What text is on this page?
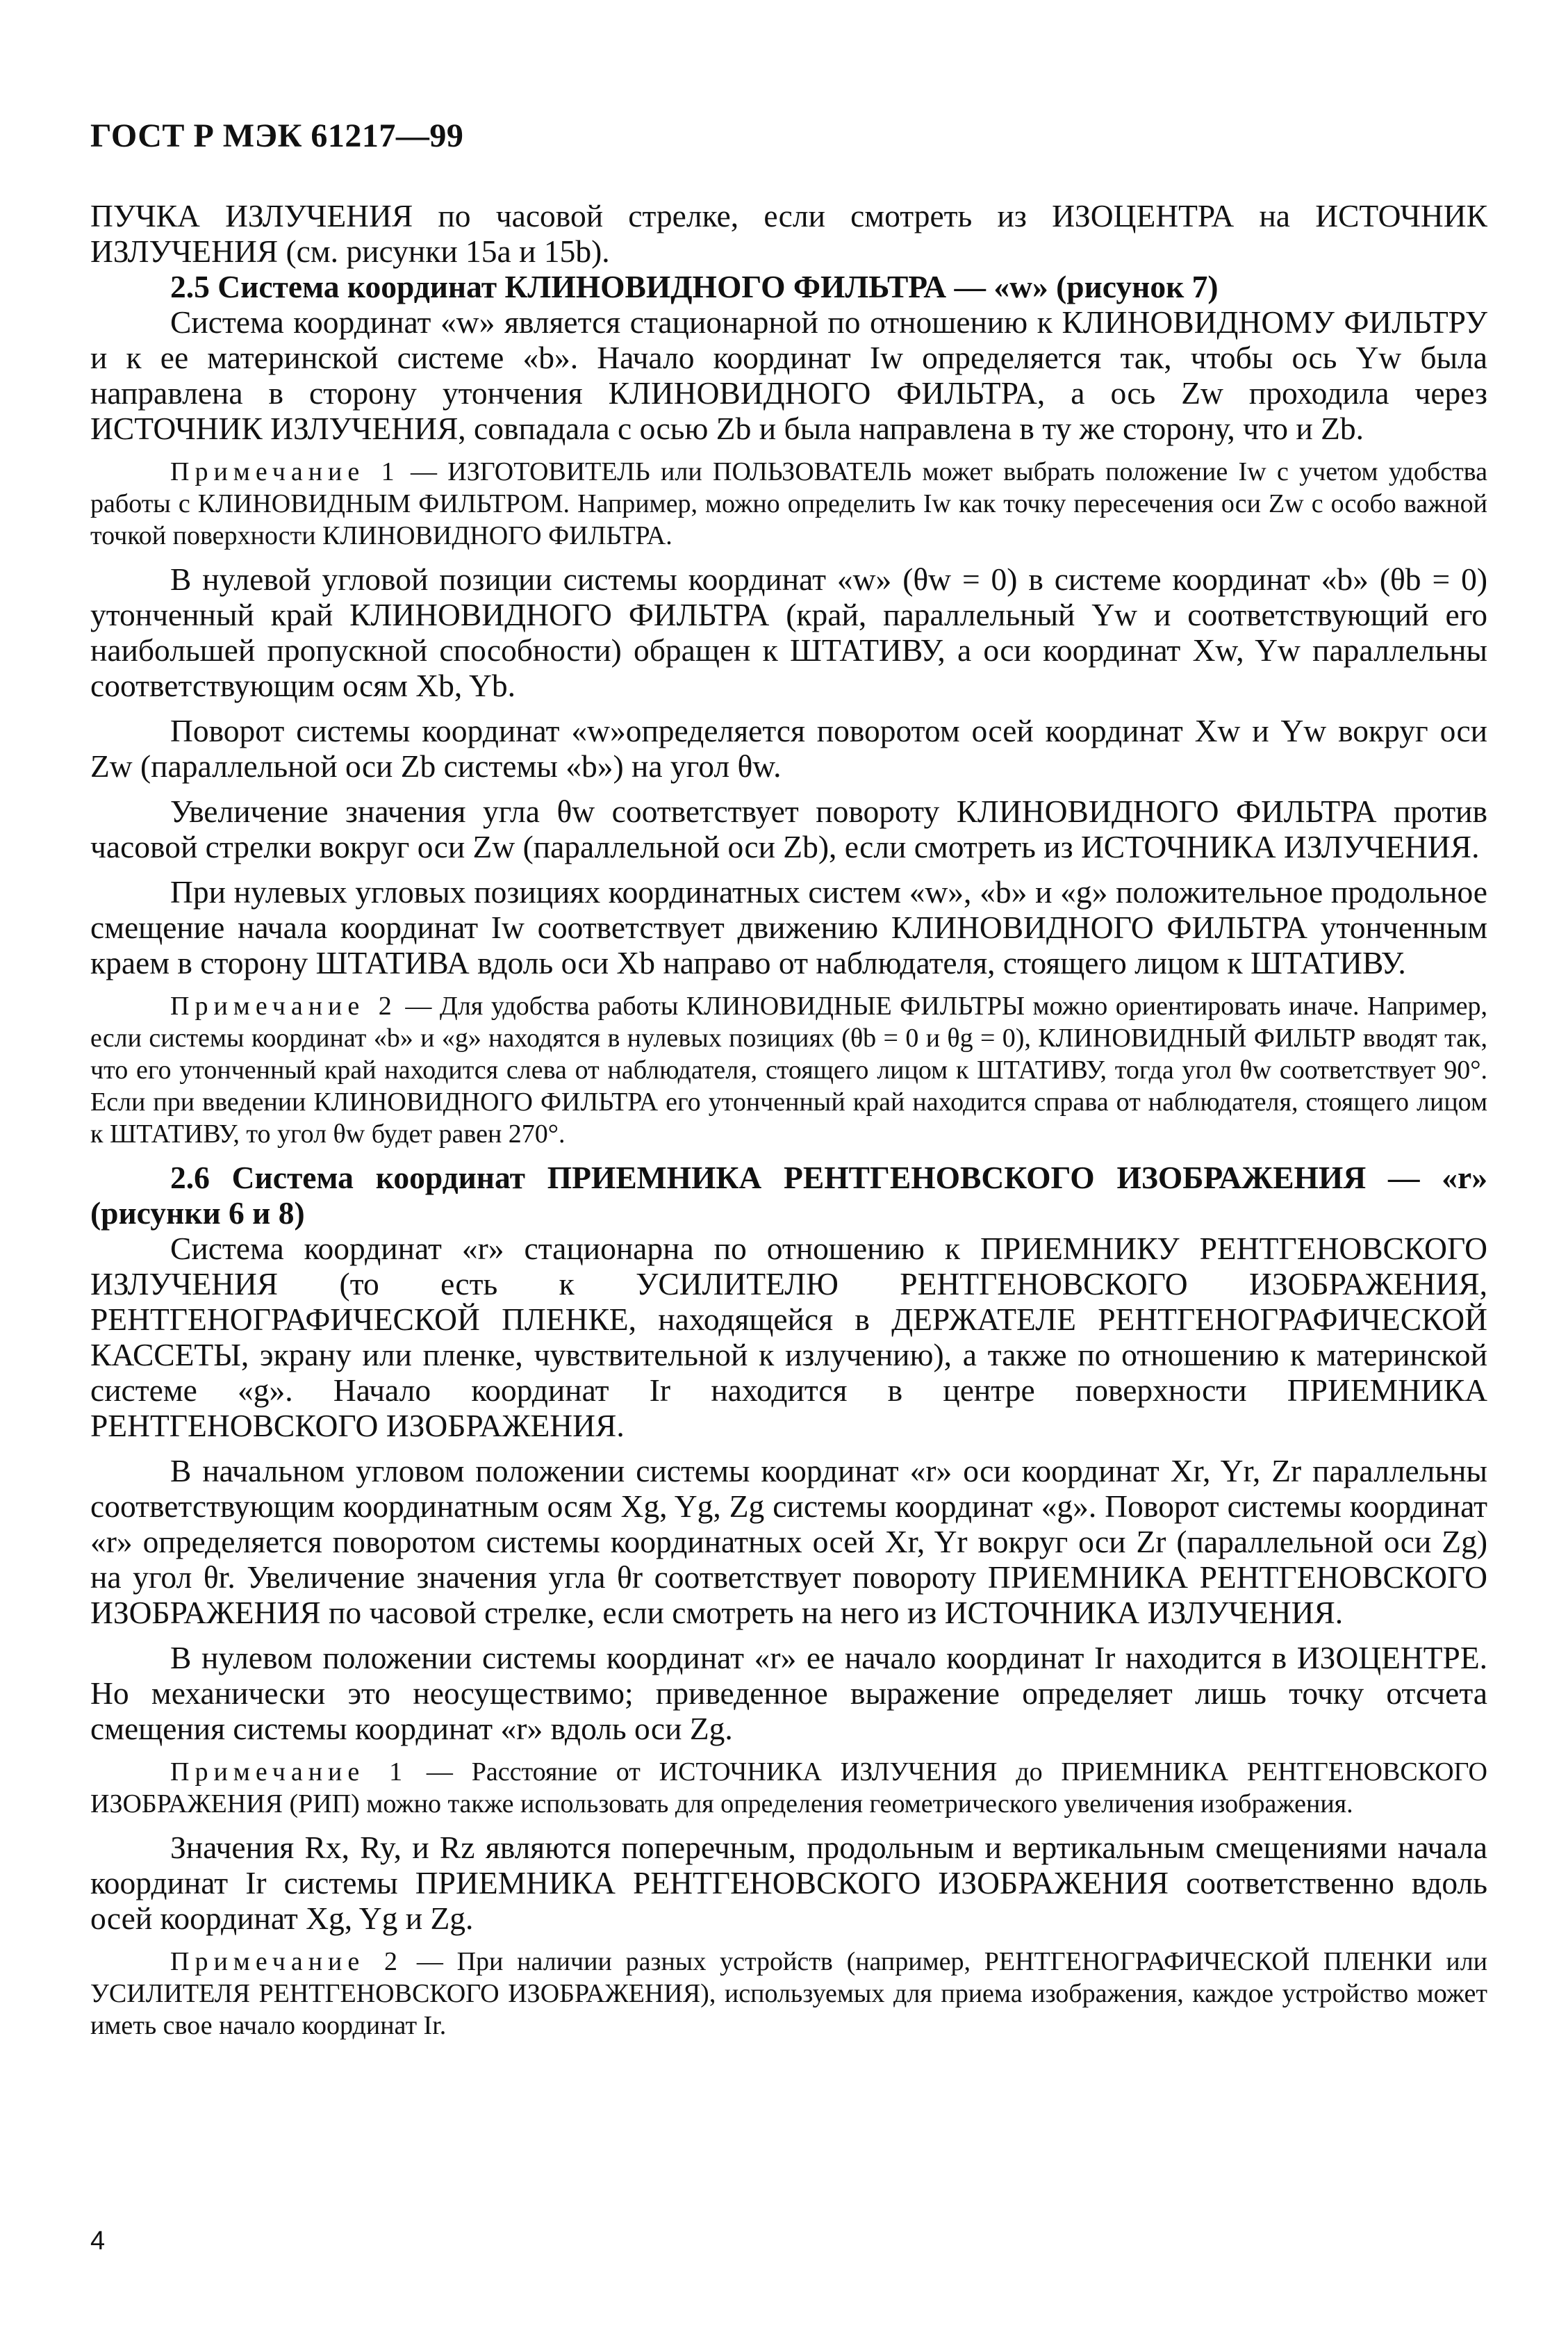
ГОСТ Р МЭК 61217—99

ПУЧКА ИЗЛУЧЕНИЯ по часовой стрелке, если смотреть из ИЗОЦЕНТРА на ИСТОЧНИК ИЗЛУЧЕНИЯ (см. рисунки 15а и 15b).

2.5 Система координат КЛИНОВИДНОГО ФИЛЬТРА — «w» (рисунок 7)

Система координат «w» является стационарной по отношению к КЛИНОВИДНОМУ ФИЛЬТРУ и к ее материнской системе «b». Начало координат Iw определяется так, чтобы ось Yw была направлена в сторону утончения КЛИНОВИДНОГО ФИЛЬТРА, а ось Zw проходила через ИСТОЧНИК ИЗЛУЧЕНИЯ, совпадала с осью Zb и была направлена в ту же сторону, что и Zb.

Примечание 1 — ИЗГОТОВИТЕЛЬ или ПОЛЬЗОВАТЕЛЬ может выбрать положение Iw с учетом удобства работы с КЛИНОВИДНЫМ ФИЛЬТРОМ. Например, можно определить Iw как точку пересечения оси Zw с особо важной точкой поверхности КЛИНОВИДНОГО ФИЛЬТРА.

В нулевой угловой позиции системы координат «w» (θw = 0) в системе координат «b» (θb = 0) утонченный край КЛИНОВИДНОГО ФИЛЬТРА (край, параллельный Yw и соответствующий его наибольшей пропускной способности) обращен к ШТАТИВУ, а оси координат Xw, Yw параллельны соответствующим осям Xb, Yb.

Поворот системы координат «w»определяется поворотом осей координат Xw и Yw вокруг оси Zw (параллельной оси Zb системы «b») на угол θw.

Увеличение значения угла θw соответствует повороту КЛИНОВИДНОГО ФИЛЬТРА против часовой стрелки вокруг оси Zw (параллельной оси Zb), если смотреть из ИСТОЧНИКА ИЗЛУЧЕНИЯ.

При нулевых угловых позициях координатных систем «w», «b» и «g» положительное продольное смещение начала координат Iw соответствует движению КЛИНОВИДНОГО ФИЛЬТРА утонченным краем в сторону ШТАТИВА вдоль оси Xb направо от наблюдателя, стоящего лицом к ШТАТИВУ.

Примечание 2 — Для удобства работы КЛИНОВИДНЫЕ ФИЛЬТРЫ можно ориентировать иначе. Например, если системы координат «b» и «g» находятся в нулевых позициях (θb = 0 и θg = 0), КЛИНОВИДНЫЙ ФИЛЬТР вводят так, что его утонченный край находится слева от наблюдателя, стоящего лицом к ШТАТИВУ, тогда угол θw соответствует 90°. Если при введении КЛИНОВИДНОГО ФИЛЬТРА его утонченный край находится справа от наблюдателя, стоящего лицом к ШТАТИВУ, то угол θw будет равен 270°.

2.6 Система координат ПРИЕМНИКА РЕНТГЕНОВСКОГО ИЗОБРАЖЕНИЯ — «r» (рисунки 6 и 8)

Система координат «r» стационарна по отношению к ПРИЕМНИКУ РЕНТГЕНОВСКОГО ИЗЛУЧЕНИЯ (то есть к УСИЛИТЕЛЮ РЕНТГЕНОВСКОГО ИЗОБРАЖЕНИЯ, РЕНТГЕНОГРАФИЧЕСКОЙ ПЛЕНКЕ, находящейся в ДЕРЖАТЕЛЕ РЕНТГЕНОГРАФИЧЕСКОЙ КАССЕТЫ, экрану или пленке, чувствительной к излучению), а также по отношению к материнской системе «g». Начало координат Ir находится в центре поверхности ПРИЕМНИКА РЕНТГЕНОВСКОГО ИЗОБРАЖЕНИЯ.

В начальном угловом положении системы координат «r» оси координат Xr, Yr, Zr параллельны соответствующим координатным осям Xg, Yg, Zg системы координат «g». Поворот системы координат «r» определяется поворотом системы координатных осей Xr, Yr вокруг оси Zr (параллельной оси Zg) на угол θr. Увеличение значения угла θr соответствует повороту ПРИЕМНИКА РЕНТГЕНОВСКОГО ИЗОБРАЖЕНИЯ по часовой стрелке, если смотреть на него из ИСТОЧНИКА ИЗЛУЧЕНИЯ.

В нулевом положении системы координат «r» ее начало координат Ir находится в ИЗОЦЕНТРЕ. Но механически это неосуществимо; приведенное выражение определяет лишь точку отсчета смещения системы координат «r» вдоль оси Zg.

Примечание 1 — Расстояние от ИСТОЧНИКА ИЗЛУЧЕНИЯ до ПРИЕМНИКА РЕНТГЕНОВСКОГО ИЗОБРАЖЕНИЯ (РИП) можно также использовать для определения геометрического увеличения изображения.

Значения Rx, Ry, и Rz являются поперечным, продольным и вертикальным смещениями начала координат Ir системы ПРИЕМНИКА РЕНТГЕНОВСКОГО ИЗОБРАЖЕНИЯ соответственно вдоль осей координат Xg, Yg и Zg.

Примечание 2 — При наличии разных устройств (например, РЕНТГЕНОГРАФИЧЕСКОЙ ПЛЕНКИ или УСИЛИТЕЛЯ РЕНТГЕНОВСКОГО ИЗОБРАЖЕНИЯ), используемых для приема изображения, каждое устройство может иметь свое начало координат Ir.

4
